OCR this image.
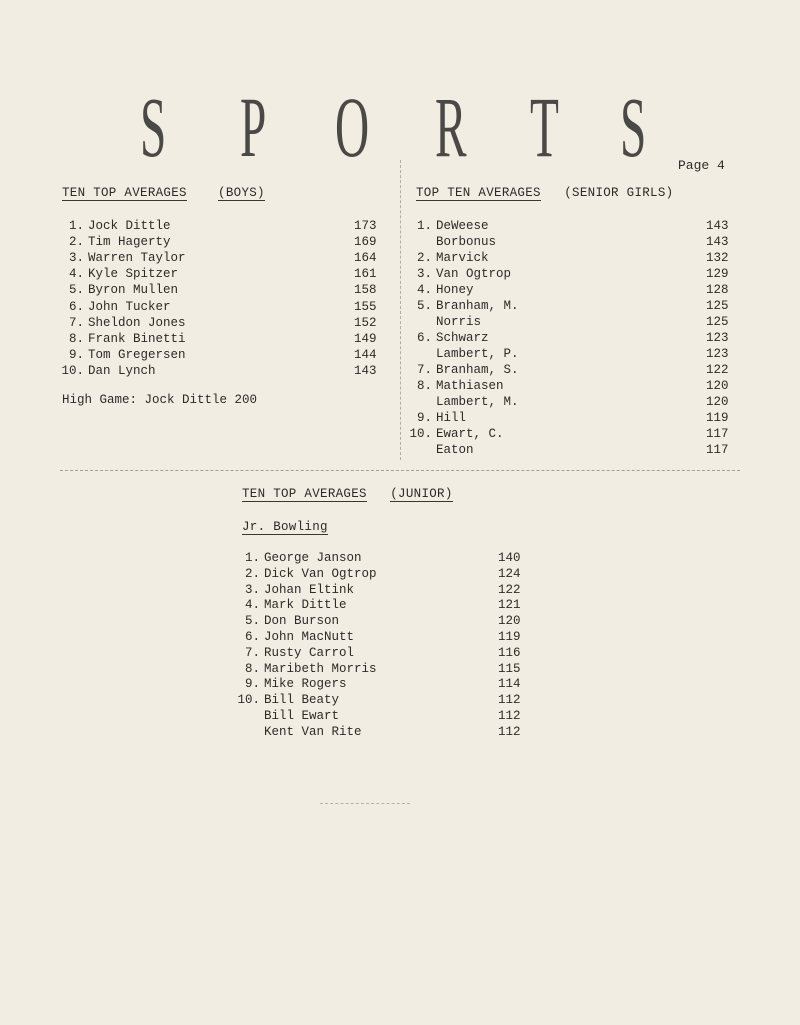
S P O R T S Page 4
TEN TOP AVERAGES (BOYS)
1. Jock Dittle	173
2. Tim Hagerty	169
3. Warren Taylor	164
4. Kyle Spitzer	161
5. Byron Mullen	158
6. John Tucker	155
7. Sheldon Jones	152
8. Frank Binetti	149
9. Tom Gregersen	144
10. Dan Lynch	143
High Game: Jock Dittle 200
TOP TEN AVERAGES (SENIOR GIRLS)
1. DeWeese	143
Borbonus	143
2. Marvick	132
3. Van Ogtrop	129
4. Honey	128
5. Branham, M.	125
Norris	125
6. Schwarz	123
Lambert, P.	123
7. Branham, S.	122
8. Mathiasen	120
Lambert, M.	120
9. Hill	119
10. Ewart, C.	117
Eaton	117
TEN TOP AVERAGES (JUNIOR)
Jr. Bowling
1. George Janson	140
2. Dick Van Ogtrop	124
3. Johan Eltink	122
4. Mark Dittle	121
5. Don Burson	120
6. John MacNutt	119
7. Rusty Carrol	116
8. Maribeth Morris	115
9. Mike Rogers	114
10. Bill Beaty	112
Bill Ewart	112
Kent Van Rite	112
